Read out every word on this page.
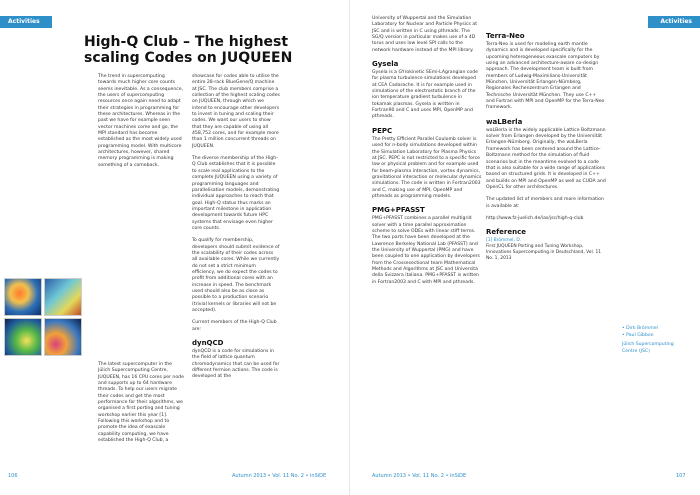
Activities
High-Q Club – The highest scaling Codes on JUQUEEN

The trend in supercomputing towards much higher core counts seems inevitable. As a consequence, the users of supercomputing resources once again need to adapt their strategies in programming for these architectures. Whereas in the past we have for example seen vector machines come and go, the MPI standard has become established as the most widely used programming model. With multicore architectures, however, shared memory programming is making something of a comeback.

The latest supercomputer in the Jülich Supercomputing Centre, JUQUEEN, has 16 CPU cores per node and supports up to 64 hardware threads. To help our users migrate their codes and get the most performance for their algorithms, we organised a first porting and tuning workshop earlier this year [1]. Following this workshop and to promote the idea of exascale capability computing, we have established the High-Q Club, a

showcase for codes able to utilise the entire 28-rack BlueGene/Q machine at JSC. The club members comprise a collection of the highest scaling codes on JUQUEEN, through which we intend to encourage other developers to invest in tuning and scaling their codes. We want our users to show that they are capable of using all 458,752 cores, and for example more than 1 million concurrent threads on JUQUEEN.

The diverse membership of the High-Q Club establishes that it is possible to scale real applications to the complete JUQUEEN using a variety of programming languages and parallelisation models, demonstrating individual approaches to reach that goal. High-Q status thus marks an important milestone in application development towards future HPC systems that envisage even higher core counts.

To qualify for membership, developers should submit evidence of the scalability of their codes across all available cores. While we currently do not set a strict minimum efficiency, we do expect the codes to profit from additional cores with an increase in speed. The benchmark used should also be as close as possible to a production scenario (trivial kernels or libraries will not be accepted).

Current members of the High-Q Club are:

dynQCD

dynQCD is a code for simulations in the field of lattice quantum chromodynamics that can be used for different fermion actions. The code is developed at the

106	Autumn 2013 • Vol. 11 No. 2 • inSiDE
Activities
Autumn 2013 • Vol. 11 No. 2 • inSiDE	107

University of Wuppertal and the Simulation Laboratory for Nuclear and Particle Physics at JSC and is written in C using pthreads. The SG/Q version in particular makes use of a 4D torus and uses low level SPI calls to the network hardware instead of the MPI library.

Gysela

Gysela is a GYrokinetic SEmi-LAgrangian code for plasma turbulence simulations developed at CEA Cadarache. It is for example used in simulations of the electrostatic branch of the ion temperature gradient turbulence in tokamak plasmas. Gysela is written in Fortran90 and C and uses MPI, OpenMP and pthreads.

PEPC

The Pretty Efficient Parallel Coulomb solver is used for n-body simulations developed within the Simulation Laboratory for Plasma Physics at JSC. PEPC is not restricted to a specific force law or physical problem and for example used for beam-plasma interaction, vortex dynamics, gravitational interaction or molecular dynamics simulations. The code is written in Fortran2003 and C, making use of MPI, OpenMP and pthreads as programming models.

PMG+PFASST

PMG+PFASST combines a parallel multigrid solver with a time parallel approximation scheme to solve ODEs with linear stiff terms. The two parts have been developed at the Lawrence Berkeley National Lab (PFASST) and the University of Wuppertal (PMG) and have been coupled to one application by developers from the Crossesectional team Mathematical Methods and Algorithms at JSC and Università della Svizzera italiana. PMG+PFASST is written in Fortran2003 and C with MPI and pthreads.

Terra-Neo

Terra-Neo is used for modeling earth mantle dynamics and is developed specifically for the upcoming heterogeneous exascale computers by using an advanced architecture-aware co-design approach. The development team is built from members of Ludwig-Maximilians-Universität München, Universität Erlangen-Nürnberg, Regionales Rechenzentrum Erlangen and Technische Universität München. They use C++ and Fortran with MPI and OpenMP for the Terra-Neo framework.

waLBerla

waLBerla is the widely applicable Lattice Boltzmann solver from Erlangen developed by the Universität Erlangen-Nürnberg. Originally, the waLBerla framework has been centered around the Lattice-Boltzmann method for the simulation of fluid scenarios but in the meantime evolved to a code that is also suitable for a wide range of applications based on structured grids. It is developed in C++ and builds on MPI and OpenMP as well as CUDA and OpenCL for other architectures.

The updated list of members and more information is available at:

http://www.fz-juelich.de/ias/jsc/high-q-club

Reference
[1] Brömmel, D.
First JUQUEEN Porting and Tuning Workshop, Innovatives Supercomputing in Deutschland, Vol. 11 No. 1, 2013
• Dirk Brömmel
• Paul Gibbon
Jülich Supercomputing Centre (JSC)
